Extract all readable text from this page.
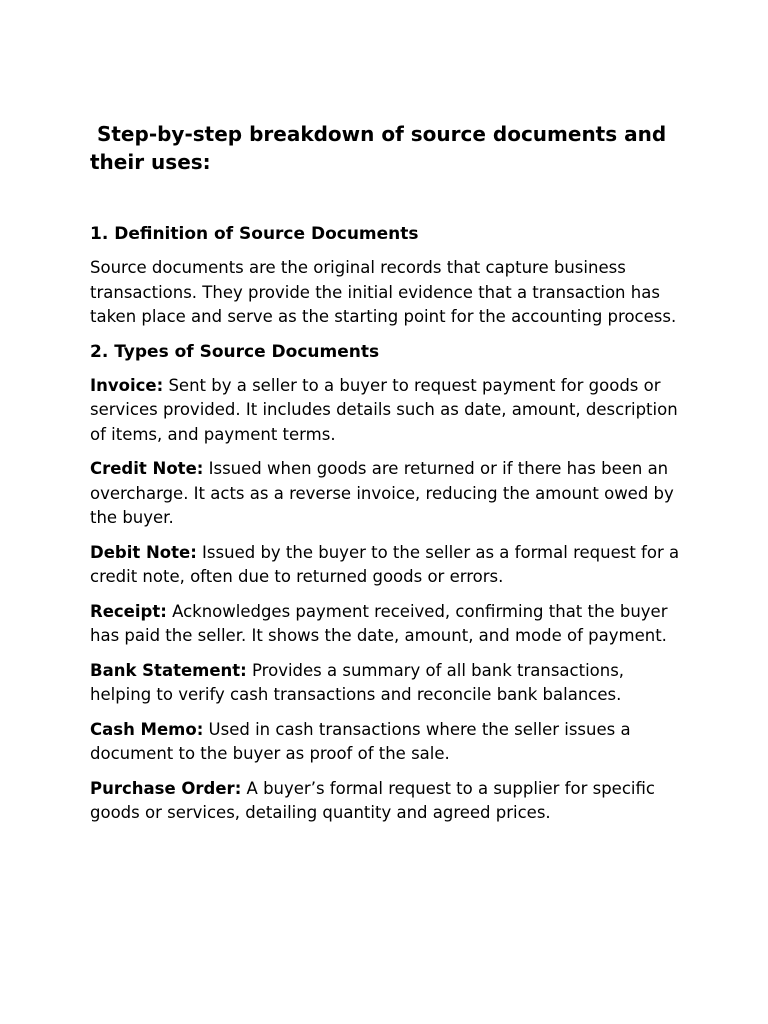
Step-by-step breakdown of source documents and their uses:
1. Definition of Source Documents

Source documents are the original records that capture business transactions. They provide the initial evidence that a transaction has taken place and serve as the starting point for the accounting process.

2. Types of Source Documents

Invoice: Sent by a seller to a buyer to request payment for goods or services provided. It includes details such as date, amount, description of items, and payment terms.

Credit Note: Issued when goods are returned or if there has been an overcharge. It acts as a reverse invoice, reducing the amount owed by the buyer.

Debit Note: Issued by the buyer to the seller as a formal request for a credit note, often due to returned goods or errors.

Receipt: Acknowledges payment received, confirming that the buyer has paid the seller. It shows the date, amount, and mode of payment.

Bank Statement: Provides a summary of all bank transactions, helping to verify cash transactions and reconcile bank balances.

Cash Memo: Used in cash transactions where the seller issues a document to the buyer as proof of the sale.

Purchase Order: A buyer’s formal request to a supplier for specific goods or services, detailing quantity and agreed prices.
